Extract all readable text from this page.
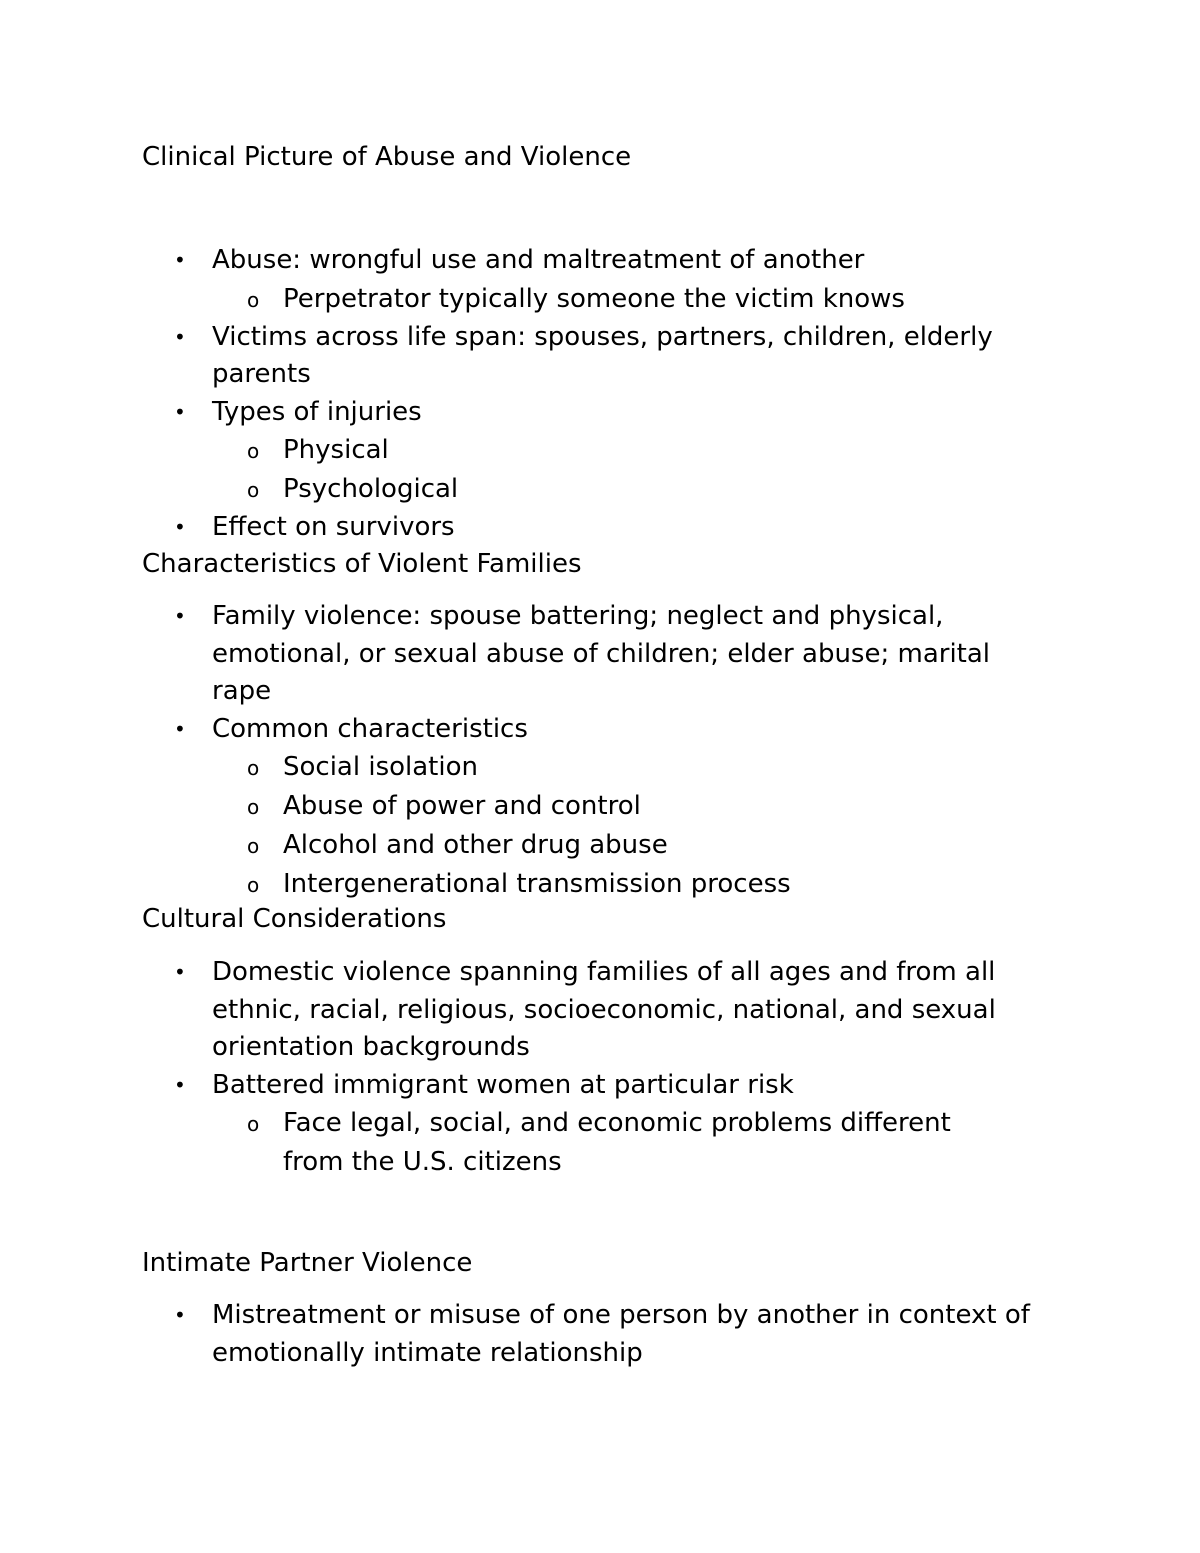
Clinical Picture of Abuse and Violence
• Abuse: wrongful use and maltreatment of another
o Perpetrator typically someone the victim knows
• Victims across life span: spouses, partners, children, elderly parents
• Types of injuries
o Physical
o Psychological
• Effect on survivors
Characteristics of Violent Families
• Family violence: spouse battering; neglect and physical, emotional, or sexual abuse of children; elder abuse; marital rape
• Common characteristics
o Social isolation
o Abuse of power and control
o Alcohol and other drug abuse
o Intergenerational transmission process
Cultural Considerations
• Domestic violence spanning families of all ages and from all ethnic, racial, religious, socioeconomic, national, and sexual orientation backgrounds
• Battered immigrant women at particular risk
o Face legal, social, and economic problems different from the U.S. citizens
Intimate Partner Violence
• Mistreatment or misuse of one person by another in context of emotionally intimate relationship
